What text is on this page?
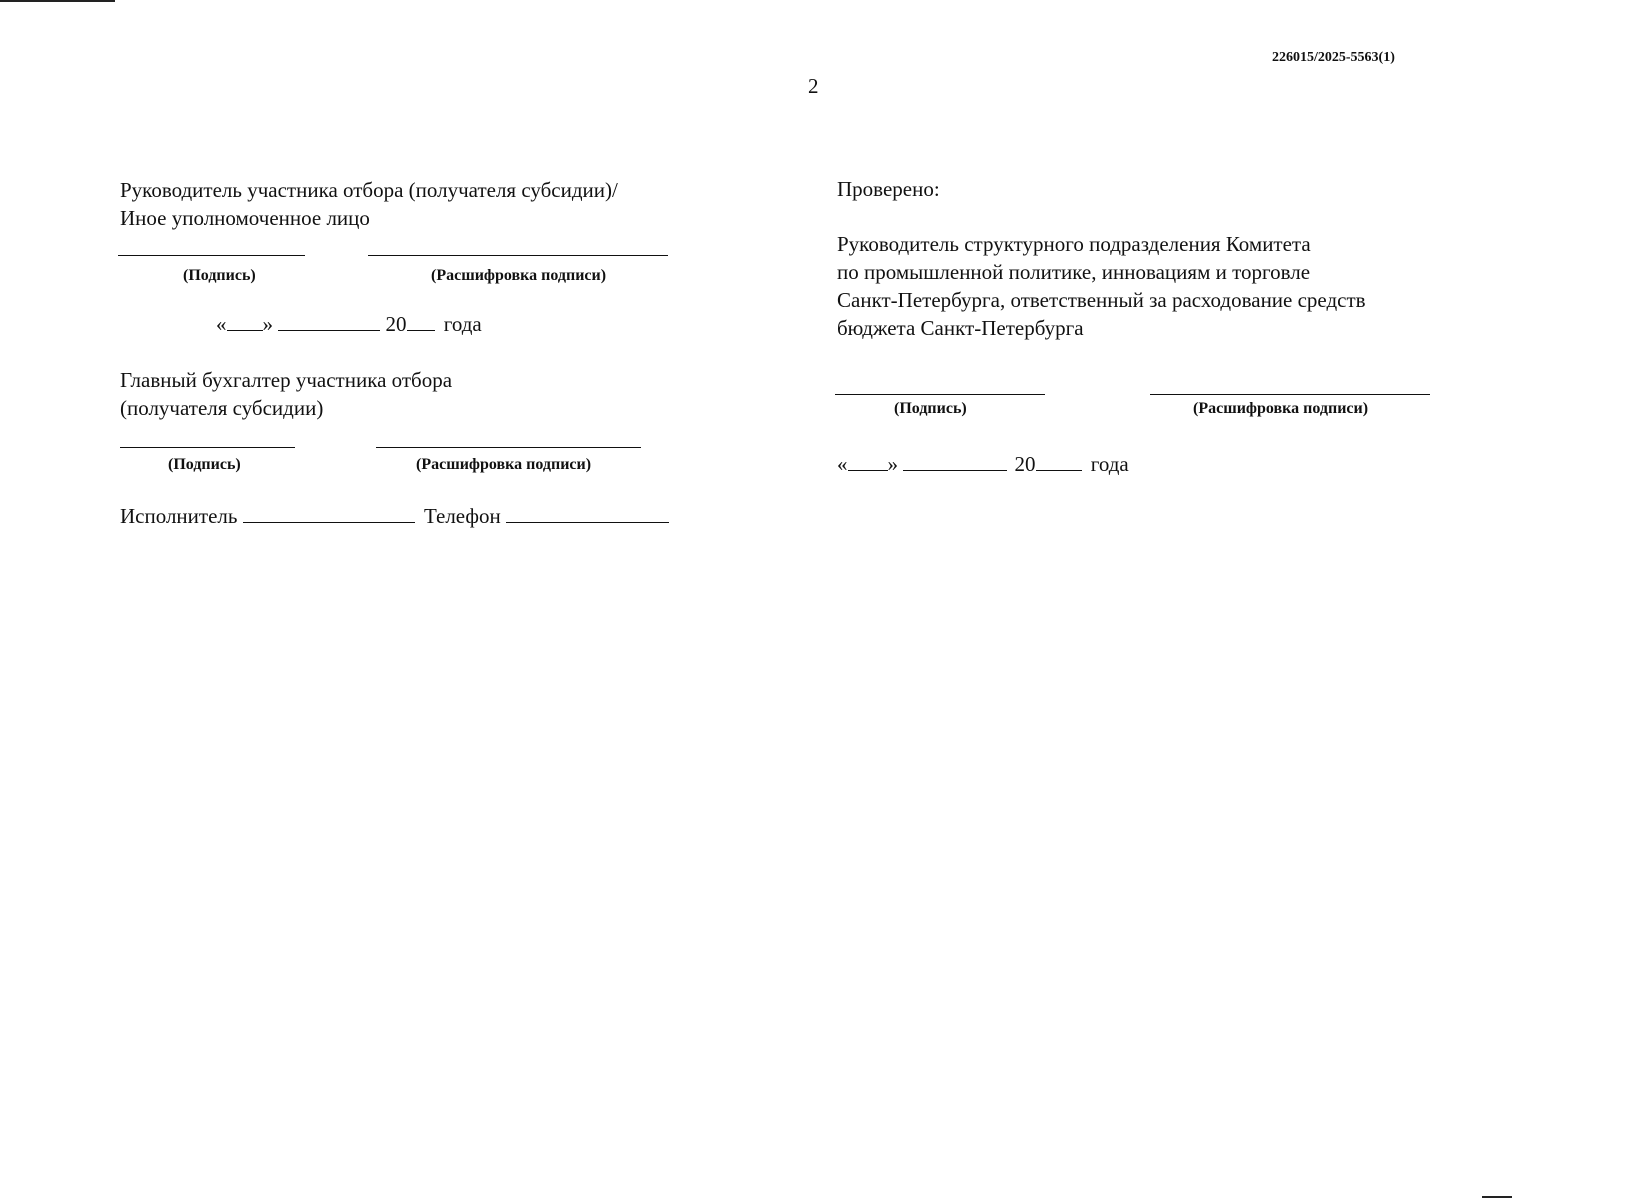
226015/2025-5563(1)
2
Руководитель участника отбора (получателя субсидии)/
Иное уполномоченное лицо
(Подпись)	(Расшифровка подписи)
« »	20 года
Главный бухгалтер участника отбора
(получателя субсидии)
(Подпись)	(Расшифровка подписи)
Исполнитель	Телефон
Проверено:
Руководитель структурного подразделения Комитета
по промышленной политике, инновациям и торговле
Санкт-Петербурга, ответственный за расходование средств
бюджета Санкт-Петербурга
(Подпись)	(Расшифровка подписи)
« »	20	года
